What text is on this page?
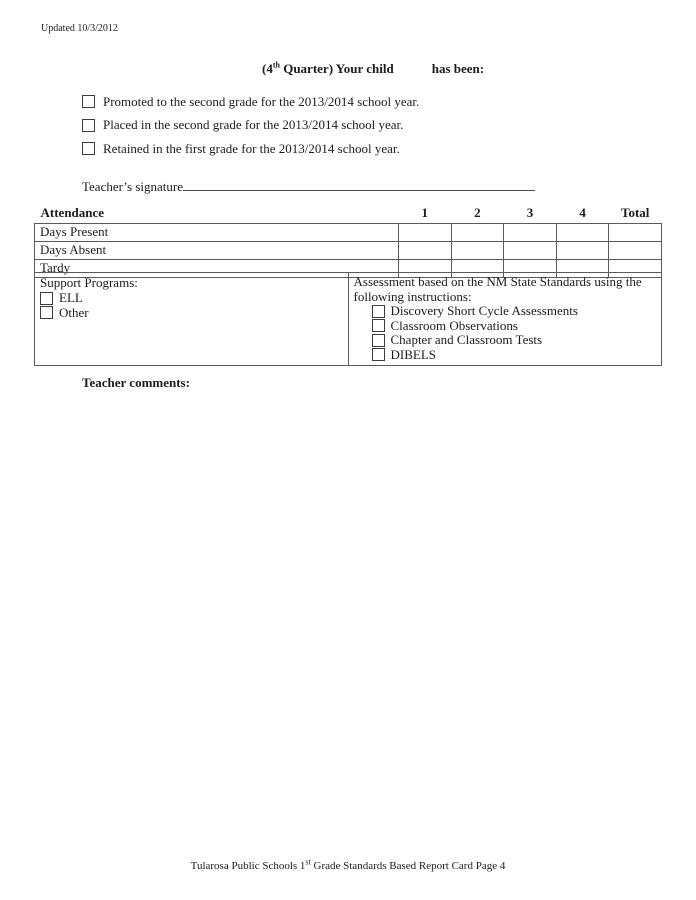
Updated 10/3/2012
(4th Quarter) Your child	has been:
Promoted to the second grade for the 2013/2014 school year.
Placed in the second grade for the 2013/2014 school year.
Retained in the first grade for the 2013/2014 school year.
Teacher’s signature
Attendance	1	2	3	4	Total
Days Present					
Days Absent					
Tardy					
Support Programs:
ELL
Other

Assessment based on the NM State Standards using the
following instructions:
Discovery Short Cycle Assessments
Classroom Observations
Chapter and Classroom Tests
DIBELS
Teacher comments:
Tularosa Public Schools 1st Grade Standards Based Report Card Page 4
